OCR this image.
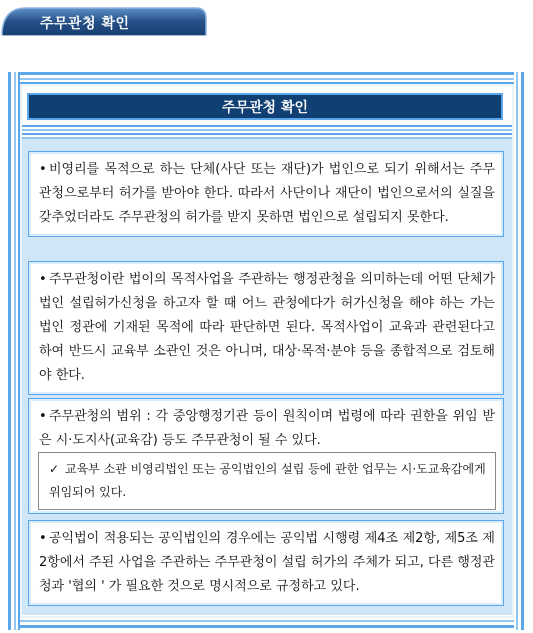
주무관청 확인
주무관청 확인

• 비영리를 목적으로 하는 단체(사단 또는 재단)가 법인으로 되기 위해서는 주무관청으로부터 허가를 받아야 한다. 따라서 사단이나 재단이 법인으로서의 실질을 갖추었더라도 주무관청의 허가를 받지 못하면 법인으로 설립되지 못한다.

• 주무관청이란 법이의 목적사업을 주관하는 행정관청을 의미하는데 어떤 단체가 법인 설립허가신청을 하고자 할 때 어느 관청에다가 허가신청을 해야 하는 가는 법인 정관에 기재된 목적에 따라 판단하면 된다. 목적사업이 교육과 관련된다고 하여 반드시 교육부 소관인 것은 아니며, 대상·목적·분야 등을 종합적으로 검토해야 한다.

• 주무관청의 범위 : 각 중앙행정기관 등이 원칙이며 법령에 따라 권한을 위임 받은 시·도지사(교육감) 등도 주무관청이 될 수 있다.

✓ 교육부 소관 비영리법인 또는 공익법인의 설립 등에 관한 업무는 시·도교육감에게 위임되어 있다.

• 공익법이 적용되는 공익법인의 경우에는 공익법 시행령 제4조 제2항, 제5조 제2항에서 주된 사업을 주관하는 주무관청이 설립 허가의 주체가 되고, 다른 행정관청과 '협의 ' 가 필요한 것으로 명시적으로 규정하고 있다.
